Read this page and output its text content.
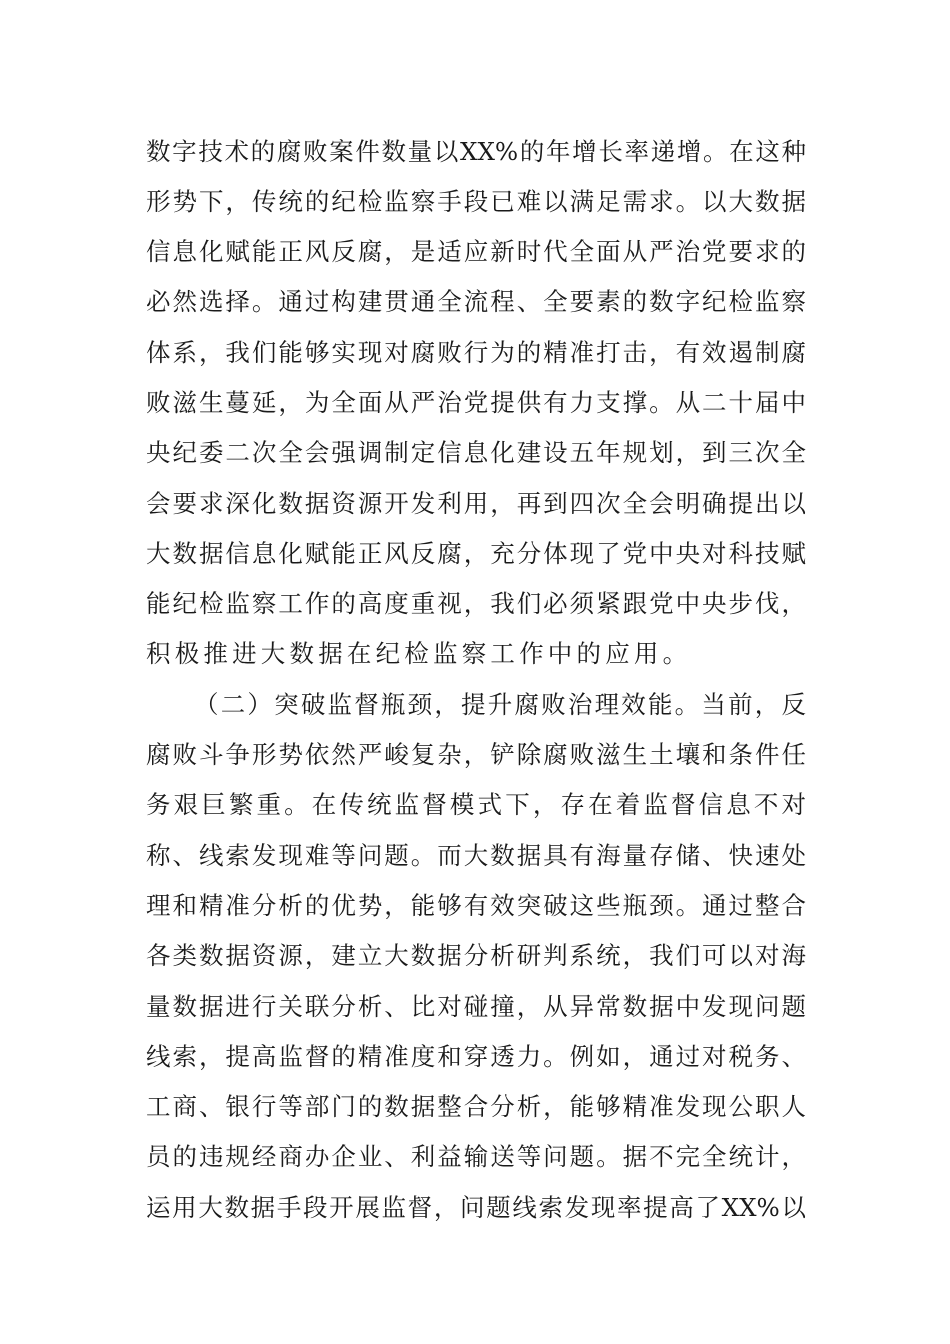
数字技术的腐败案件数量以XX%的年增长率递增。在这种
形势下，传统的纪检监察手段已难以满足需求。以大数据
信息化赋能正风反腐，是适应新时代全面从严治党要求的
必然选择。通过构建贯通全流程、全要素的数字纪检监察
体系，我们能够实现对腐败行为的精准打击，有效遏制腐
败滋生蔓延，为全面从严治党提供有力支撑。从二十届中
央纪委二次全会强调制定信息化建设五年规划，到三次全
会要求深化数据资源开发利用，再到四次全会明确提出以
大数据信息化赋能正风反腐，充分体现了党中央对科技赋
能纪检监察工作的高度重视，我们必须紧跟党中央步伐，
积极推进大数据在纪检监察工作中的应用。
（二）突破监督瓶颈，提升腐败治理效能。当前，反
腐败斗争形势依然严峻复杂，铲除腐败滋生土壤和条件任
务艰巨繁重。在传统监督模式下，存在着监督信息不对
称、线索发现难等问题。而大数据具有海量存储、快速处
理和精准分析的优势，能够有效突破这些瓶颈。通过整合
各类数据资源，建立大数据分析研判系统，我们可以对海
量数据进行关联分析、比对碰撞，从异常数据中发现问题
线索，提高监督的精准度和穿透力。例如，通过对税务、
工商、银行等部门的数据整合分析，能够精准发现公职人
员的违规经商办企业、利益输送等问题。据不完全统计，
运用大数据手段开展监督，问题线索发现率提高了XX%以
